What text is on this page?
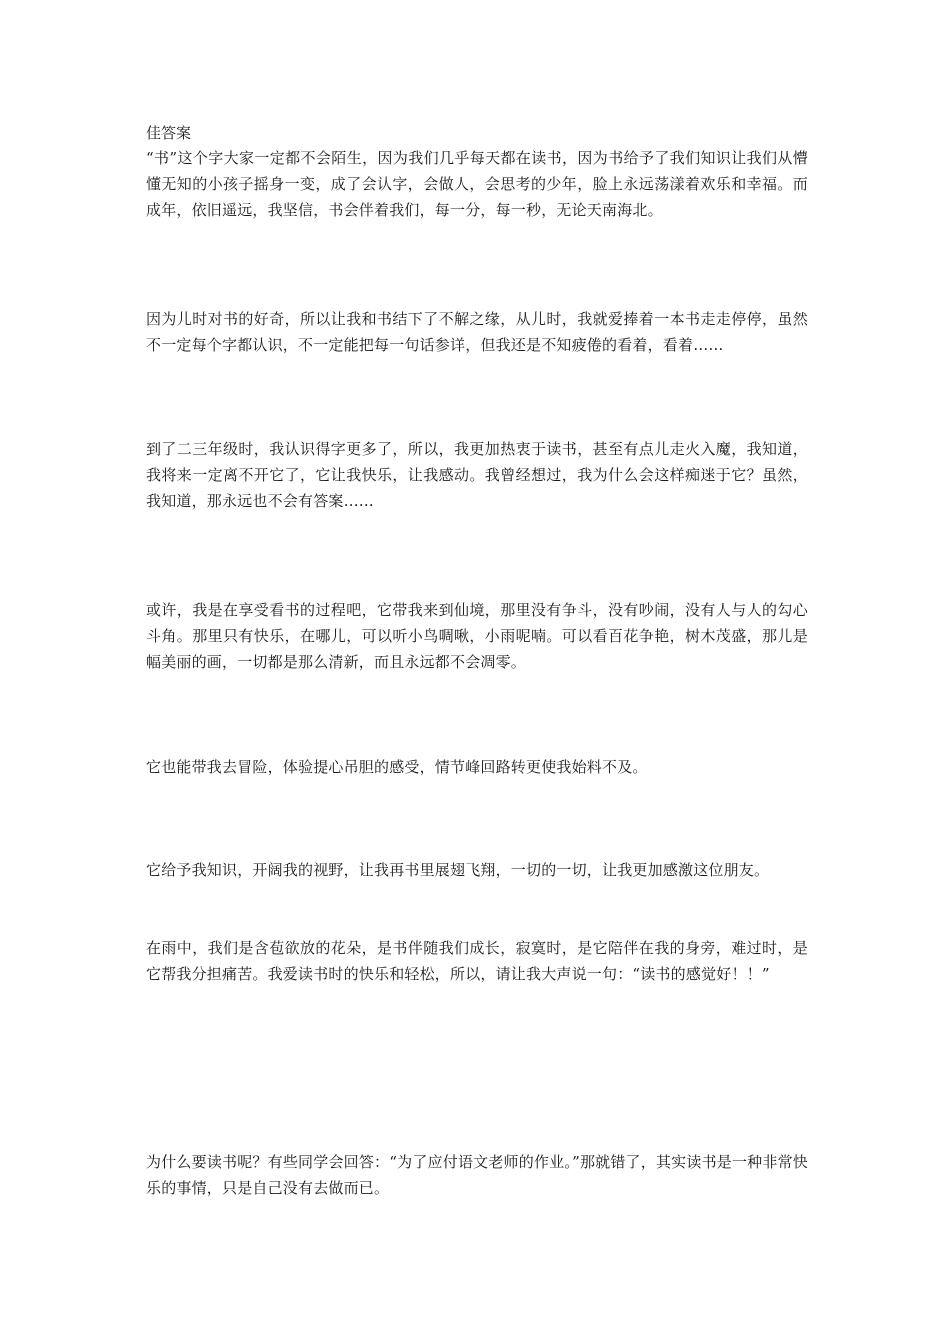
佳答案

“书”这个字大家一定都不会陌生，因为我们几乎每天都在读书，因为书给予了我们知识让我们从懵懂无知的小孩子摇身一变，成了会认字，会做人，会思考的少年，脸上永远荡漾着欢乐和幸福。而成年，依旧遥远，我坚信，书会伴着我们，每一分，每一秒，无论天南海北。

因为儿时对书的好奇，所以让我和书结下了不解之缘，从儿时，我就爱捧着一本书走走停停，虽然不一定每个字都认识，不一定能把每一句话参详，但我还是不知疲倦的看着，看着……

到了二三年级时，我认识得字更多了，所以，我更加热衷于读书，甚至有点儿走火入魔，我知道，我将来一定离不开它了，它让我快乐，让我感动。我曾经想过，我为什么会这样痴迷于它？虽然，我知道，那永远也不会有答案……

或许，我是在享受看书的过程吧，它带我来到仙境，那里没有争斗，没有吵闹，没有人与人的勾心斗角。那里只有快乐，在哪儿，可以听小鸟啁啾，小雨呢喃。可以看百花争艳，树木茂盛，那儿是幅美丽的画，一切都是那么清新，而且永远都不会凋零。

它也能带我去冒险，体验提心吊胆的感受，情节峰回路转更使我始料不及。

它给予我知识，开阔我的视野，让我再书里展翅飞翔，一切的一切，让我更加感激这位朋友。

在雨中，我们是含苞欲放的花朵，是书伴随我们成长，寂寞时，是它陪伴在我的身旁，难过时，是它帮我分担痛苦。我爱读书时的快乐和轻松，所以，请让我大声说一句：“读书的感觉好！！”

为什么要读书呢？有些同学会回答：“为了应付语文老师的作业。”那就错了，其实读书是一种非常快乐的事情，只是自己没有去做而已。
